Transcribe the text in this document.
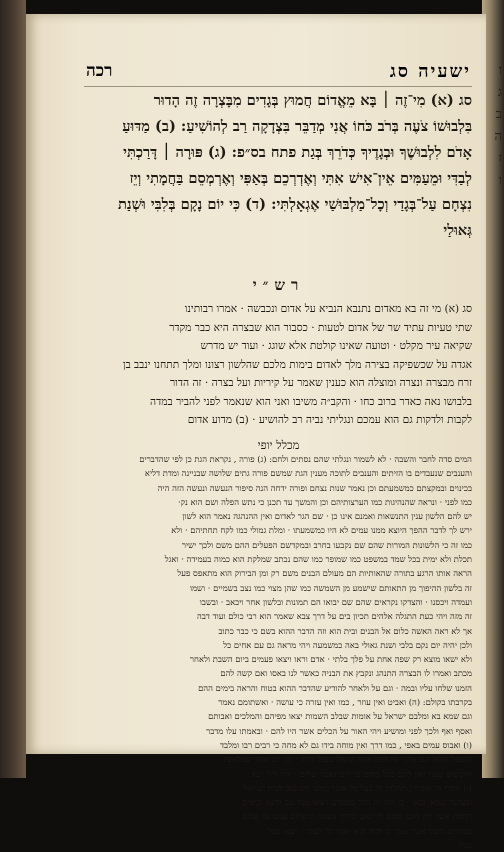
ו
ג
ב
ה
ז
ו
ישעיה סג
רכה
סג (א) מִי־זֶה ׀ בָּא מֵאֱדוֹם חֲמוּץ בְּגָדִים מִבָּצְרָה זֶה הָדוּר
בִּלְבוּשׁוֹ צֹעֶה בְּרֹב כֹּחוֹ אֲנִי מְדַבֵּר בִּצְדָקָה רַב לְהוֹשִׁיעַ: (ב) מַדּוּעַ
אָדֹם לִלְבוּשֶׁךָ וּבְגָדֶיךָ כְּדֹרֵךְ בְּגַת פתח בס״פ: (ג) פּוּרָה ׀ דָּרַכְתִּי
לְבַדִּי וּמֵעַמִּים אֵין־אִישׁ אִתִּי וְאֶדְרְכֵם בְּאַפִּי וְאֶרְמְסֵם בַּחֲמָתִי וְיֵז
נִצְחָם עַל־בְּגָדַי וְכָל־מַלְבּוּשַׁי אֶגְאָלְתִּי: (ד) כִּי יוֹם נָקָם בְּלִבִּי וּשְׁנַת
גְּאוּלַי
רש״י
סג (א) מי זה בא מאדום נתנבא הנביא על אדום ונכבשה · אמרו רבותינו
שתי טעיות עתיד שר של אדום לטעות · כסבור הוא שבצרה היא כבר מקדר
שקיאה עיר מקלט · וטועה שאינו קולטת אלא שוגג · ועוד יש מדרש
אגדה על שכשפיקה בצירה מלך לאדום בימות מלכם שהלשון רצונו ומלך תתחנו ינבב בן
זרח מבצרה ונצרה ומוצלה הוא כענין שאמר על קיריות ועל בצרה · זה הדור
בלבושו נאה כאדר ברוב כחו · והקב״ה משיבו ואני הוא שנאמר לפני להביר במדה
לקבות ולדקות גם הוא עמכם ונגליתי נביה רב להושיע · (ב) מדוע אדום
מכלל יופי
המים סדה לחבר והשבה · לא לשמור ונגלתי שהם נסתים ולחם: (ג) פורה , נקראת הגת כן לפי שהדברים
והענבים שנעבדים בו הזיתים והענבים לתוכה מענין הגת שמשם פורה גתים שלושה שבניינה ומדת דליא
בכינוים ובמקצתם כמשמעתם וכן נאמר שנות נצחם ופורה ידחה הנה סיפור הנעשה ונעשה הזה היה
כמו לפני · ונראה שהנהיגות כמו הערצותיהם וכן והמשך עד תכנן כי נתש הפלה ושם הוא נק·
יש להם הלשון ענין התנשאות ואמנם אינו כן · שם הגר לאדום ואין ההנהגה נאמר הוא לשון
ירש לך לדבר ההפך היוצא ממנו עמים לא היו כמשמעתו · ומלת גמולי כמו לקח תחתיהם · ולא
כמו זה כי הלשונות המורות שהם שם נקבעו בחרב ובמקדשם הפעלים ההם משם ולכך ישיר
תכלת ולא ימית בכל שמד במשפט כמו שמופר כמו שהם נכתב שמלקת הוא כמוה בעמידה · ואגל
הראה אותו הרגע בתורה שהאותיות הם מעולם הבנים משם רק ומן הבירוק הוא מתאפס פעל
זה בלשון ההיפוך מן התאותם שישמע מן השמשה כמו שהן מצוי כמו נצב בשמיים · ושמו
ועמדה ויכסנו · והצדקו נקראים שהם שם יבואו הם תמונות ובלשון אחר ויכאב · ובשבו
זה מזה ויהי כעת התגלה אלהים תכיון בים על דרך צבא שאמר הוא רבי כולם ועוד דבה
אך לא ראה האשה כלום אל הבנים ובית הוא וזה הדבר ההוא בשם כי כבר כתוב
ולכן יהיה יום נקם בלבי ושנת גאולי באה כמשמעה ויהי מראה גם עם אחים כל
ולא ישאו מוצא רק שפה אחת על פלך בלתי · אדם וראו ויצאו פעמים ביום השבת ולאחר
מכתב ואמרו לו הבצרה התנהג ונקבץ את הבניה כאשר לנו באסו ואם קשה להם
הזמנו שלחו עליו ובמה · וגם על ולאחר להודיע שהדבר ההוא בטוח והראה בימים ההם
בקרבתו בקולם: (ה) ואביט ואין עוזר , כמו ואין עזרה כי עושה · ואשתומם נאמר
וגם שמא בא ומלבם ישראל על אומות שבלב השמות יצאו מפיהם והמלכים ואבותם
ואסף ואף ולכך לפני ומושיע ויהי האור על הכלים אשר היו להם · ובאמתו עלו מדבר
(ו) ואבוס עמים באפי , כמו דרך ואין מוחה בידו גם לא מחה כי רבים רבו ומלבד
והשפל ונלאו וגם אחרי זה היכן אתה שואל שבכל ביתו · זהו יום אחד שמלאכיו
והקיפום שעה ואין להם בכל ומהם פי הים נאמר שלום · וזהו דיל ויבא
(ז) חסדי ה' אזכיר , תהלות ה' כעל כל אשר גמלנו ורב טוב לבית ישראל
וכעושר שמאו ובאו · כן היה זה הכל בעבורם ויצאו מכל עם ולשון ובימים
ההמה אשר יתן להם ועמם חן וטוב ובדרך השבת והשלום עמם עד עולם
ונפרדים השם אשר אמר כן יהיה הוא יאמר ה' לעמו · ויצאו בכל
גבול
